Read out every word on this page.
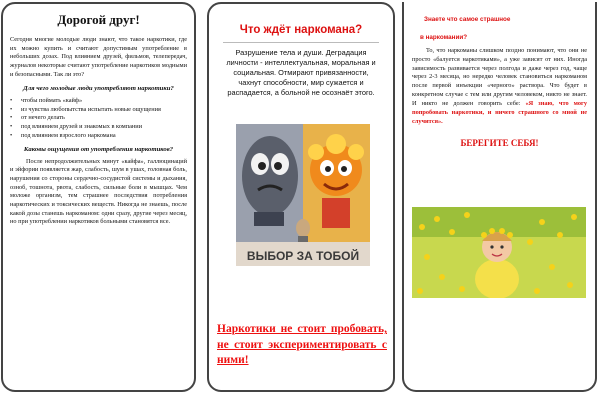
Дорогой друг!
Сегодня многие молодые люди знают, что такое наркотики, где их можно купить и считают допустимым употребление в небольших дозах. Под влиянием друзей, фильмов, телепередач, журналов некоторые считают употребление наркотиков модными и безопасными. Так ли это?
Для чего молодые люди употребляют наркотики?
• чтобы поймать «кайф»
• из чувства любопытства испытать новые ощущения
• от нечего делать
• под влиянием друзей и знакомых в компании
• под влиянием взрослого наркомана
Каковы ощущения от употребления наркотиков?
После непродолжительных минут «кайфа», галлюцинаций и эйфории появляется жар, слабость, шум в ушах, головная боль, нарушения со стороны сердечно-сосудистой системы и дыхания, озноб, тошнота, рвота, слабость, сильные боли в мышцах. Чем моложе организм, тем страшнее последствия потребления наркотических и токсических веществ. Никогда не знаешь, после какой дозы станешь наркоманом: одни сразу, другие через месяц, но при употреблении наркотиков больными становятся все.
Что ждёт наркомана?
Разрушение тела и души. Деградация личности - интеллектуальная, моральная и социальная. Отмирают привязанности, чахнут способности, мир сужается и распадается, а больной не осознаёт этого.
ВЫБОР ЗА ТОБОЙ
Наркотики не стоит пробовать, не стоит экспериментировать с ними!
Знаете что самое страшное
в наркомании?
То, что наркоманы слишком поздно понимают, что они не просто «балуется наркотиками», а уже зависят от них. Иногда зависимость развивается через полгода и даже через год, чаще через 2-3 месяца, но нередко человек становиться наркоманом после первой инъекции «черного» раствора. Что будет в конкретном случае с тем или другим человеком, никто не знает. И никто не должен говорить себе: «Я знаю, что могу попробовать наркотики, и ничего страшного со мной не случится».
БЕРЕГИТЕ СЕБЯ!
